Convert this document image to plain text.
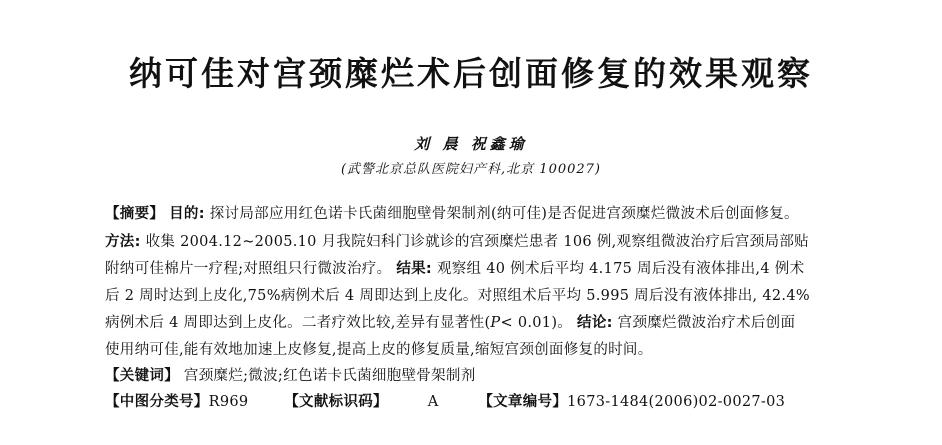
纳可佳对宫颈糜烂术后创面修复的效果观察
刘 晨 祝鑫瑜
(武警北京总队医院妇产科,北京 100027)
【摘要】 目的: 探讨局部应用红色诺卡氏菌细胞壁骨架制剂(纳可佳)是否促进宫颈糜烂微波术后创面修复。
方法: 收集 2004.12~2005.10 月我院妇科门诊就诊的宫颈糜烂患者 106 例,观察组微波治疗后宫颈局部贴
附纳可佳棉片一疗程;对照组只行微波治疗。 结果: 观察组 40 例术后平均 4.175 周后没有液体排出,4 例术
后 2 周时达到上皮化,75%病例术后 4 周即达到上皮化。对照组术后平均 5.995 周后没有液体排出, 42.4%
病例术后 4 周即达到上皮化。二者疗效比较,差异有显著性(P< 0.01)。 结论: 宫颈糜烂微波治疗术后创面
使用纳可佳,能有效地加速上皮修复,提高上皮的修复质量,缩短宫颈创面修复的时间。
【关键词】 宫颈糜烂;微波;红色诺卡氏菌细胞壁骨架制剂
【中图分类号】R969 【文献标识码】	A	【文章编号】1673-1484(2006)02-0027-03
